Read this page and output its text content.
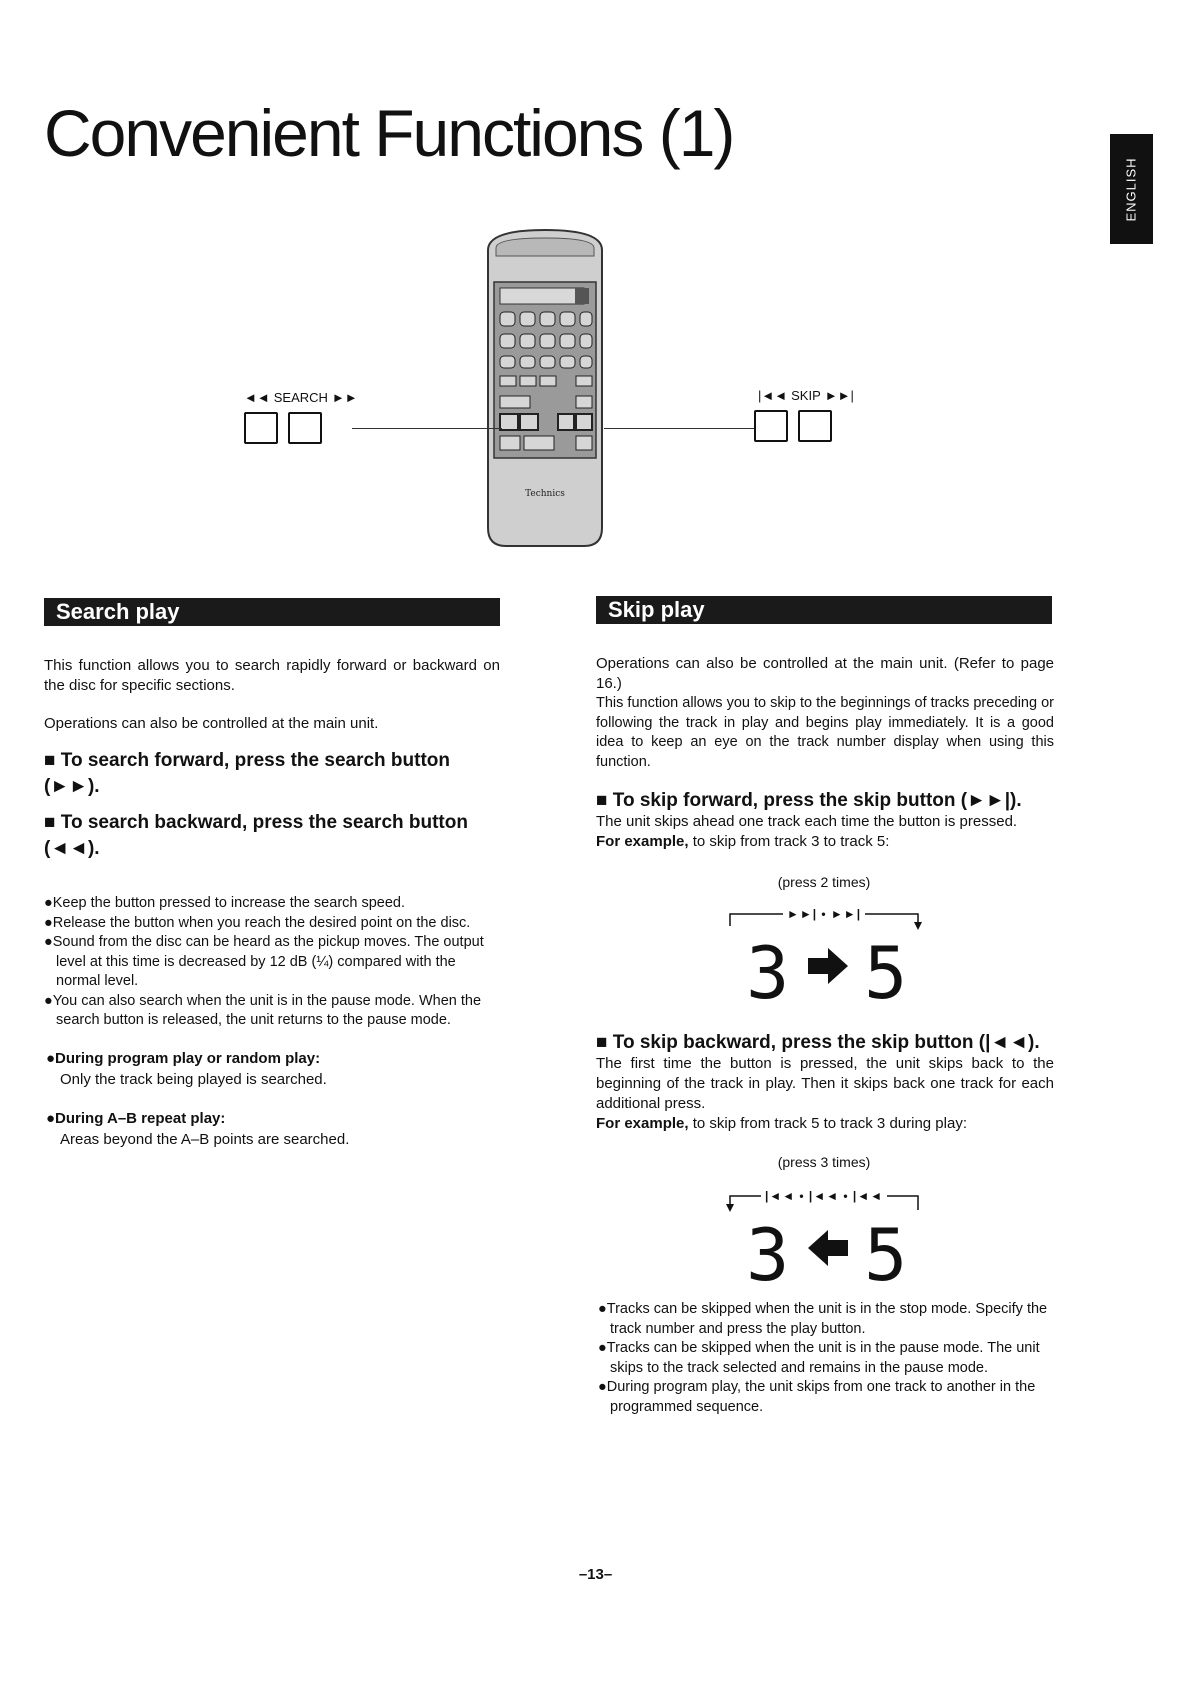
Convenient Functions (1)
ENGLISH
Technics
◄◄ SEARCH ►►	|◄◄ SKIP ►►|
Search play

This function allows you to search rapidly forward or backward on the disc for specific sections.

Operations can also be controlled at the main unit.

■ To search forward, press the search button (►►).

■ To search backward, press the search button (◄◄).

●Keep the button pressed to increase the search speed.
●Release the button when you reach the desired point on the disc.
●Sound from the disc can be heard as the pickup moves. The output level at this time is decreased by 12 dB (¼) compared with the normal level.
●You can also search when the unit is in the pause mode. When the search button is released, the unit returns to the pause mode.

●During program play or random play:

Only the track being played is searched.

●During A–B repeat play:

Areas beyond the A–B points are searched.

Skip play

Operations can also be controlled at the main unit. (Refer to page 16.)

This function allows you to skip to the beginnings of tracks preceding or following the track in play and begins play immediately. It is a good idea to keep an eye on the track number display when using this function.

■ To skip forward, press the skip button (►►|).

The unit skips ahead one track each time the button is pressed.

For example, to skip from track 3 to track 5:

(press 2 times)
3 5
►►| • ►►|

■ To skip backward, press the skip button (|◄◄).

The first time the button is pressed, the unit skips back to the beginning of the track in play. Then it skips back one track for each additional press.

For example, to skip from track 5 to track 3 during play:

(press 3 times)
3 5
|◄◄ • |◄◄ • |◄◄
●Tracks can be skipped when the unit is in the stop mode. Specify the track number and press the play button.
●Tracks can be skipped when the unit is in the pause mode. The unit skips to the track selected and remains in the pause mode.
●During program play, the unit skips from one track to another in the programmed sequence.
–13–
